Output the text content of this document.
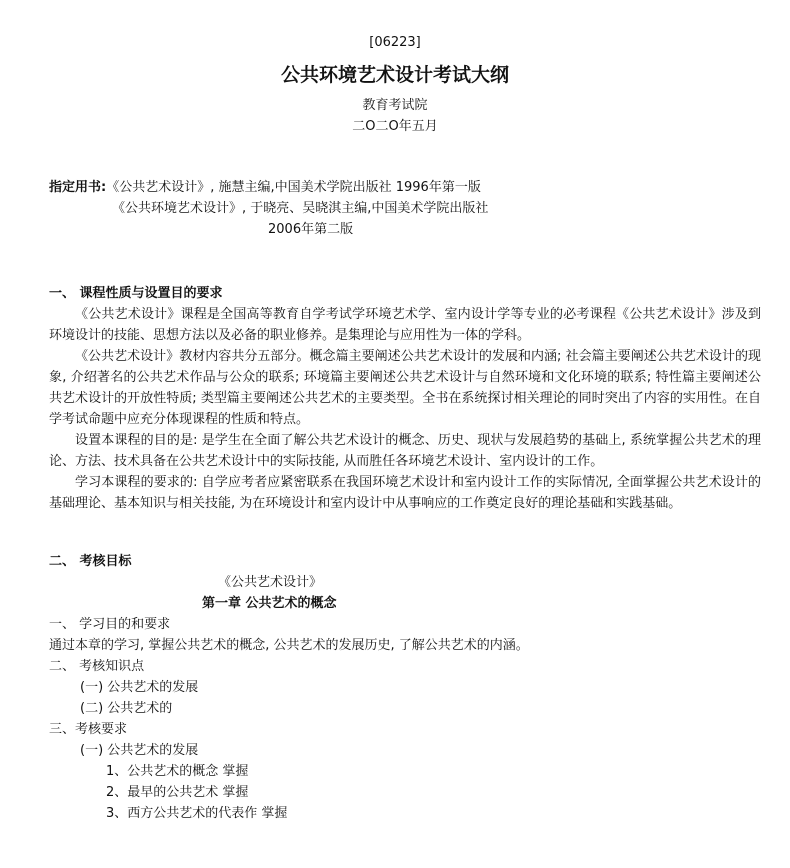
[06223]
公共环境艺术设计考试大纲
教育考试院
二O二O年五月
指定用书:《公共艺术设计》, 施慧主编,中国美术学院出版社 1996年第一版
《公共环境艺术设计》, 于晓亮、吴晓淇主编,中国美术学院出版社
2006年第二版
一、 课程性质与设置目的要求
《公共艺术设计》课程是全国高等教育自学考试学环境艺术学、室内设计学等专业的必考课程《公共艺术设计》涉及到环境设计的技能、思想方法以及必备的职业修养。是集理论与应用性为一体的学科。
《公共艺术设计》教材内容共分五部分。概念篇主要阐述公共艺术设计的发展和内涵; 社会篇主要阐述公共艺术设计的现象, 介绍著名的公共艺术作品与公众的联系; 环境篇主要阐述公共艺术设计与自然环境和文化环境的联系; 特性篇主要阐述公共艺术设计的开放性特质; 类型篇主要阐述公共艺术的主要类型。全书在系统探讨相关理论的同时突出了内容的实用性。在自学考试命题中应充分体现课程的性质和特点。
设置本课程的目的是: 是学生在全面了解公共艺术设计的概念、历史、现状与发展趋势的基础上, 系统掌握公共艺术的理论、方法、技术具备在公共艺术设计中的实际技能, 从而胜任各环境艺术设计、室内设计的工作。
学习本课程的要求的: 自学应考者应紧密联系在我国环境艺术设计和室内设计工作的实际情况, 全面掌握公共艺术设计的基础理论、基本知识与相关技能, 为在环境设计和室内设计中从事响应的工作奠定良好的理论基础和实践基础。
二、 考核目标
《公共艺术设计》
第一章 公共艺术的概念
一、 学习目的和要求
通过本章的学习, 掌握公共艺术的概念, 公共艺术的发展历史, 了解公共艺术的内涵。
二、 考核知识点
(一) 公共艺术的发展
(二) 公共艺术的
三、考核要求
(一) 公共艺术的发展
1、公共艺术的概念 掌握
2、最早的公共艺术 掌握
3、西方公共艺术的代表作 掌握
